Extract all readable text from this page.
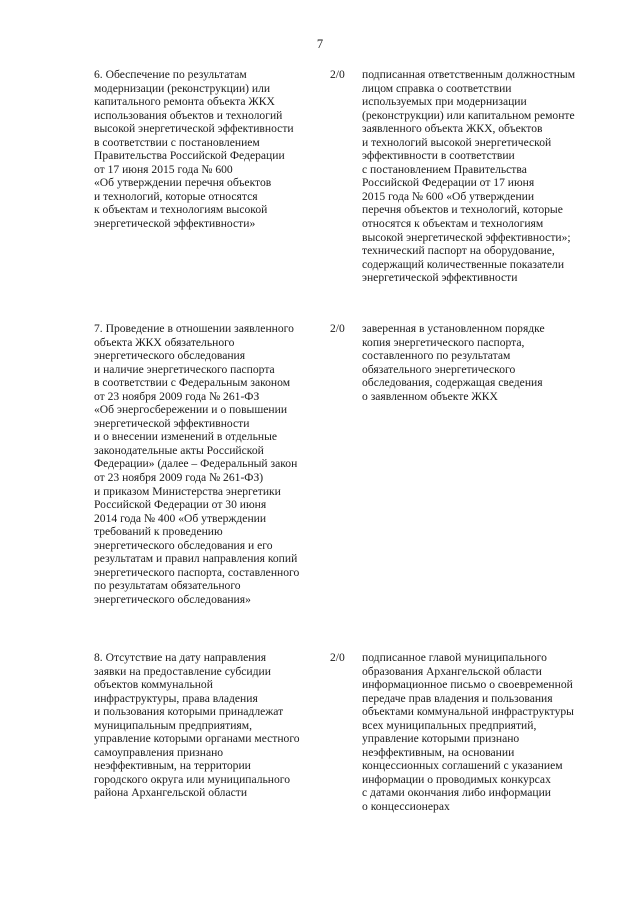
7
6. Обеспечение по результатам
модернизации (реконструкции) или
капитального ремонта объекта ЖКХ
использования объектов и технологий
высокой энергетической эффективности
в соответствии с постановлением
Правительства Российской Федерации
от 17 июня 2015 года № 600
«Об утверждении перечня объектов
и технологий, которые относятся
к объектам и технологиям высокой
энергетической эффективности»
2/0	подписанная ответственным должностным
лицом справка о соответствии
используемых при модернизации
(реконструкции) или капитальном ремонте
заявленного объекта ЖКХ, объектов
и технологий высокой энергетической
эффективности в соответствии
с постановлением Правительства
Российской Федерации от 17 июня
2015 года № 600 «Об утверждении
перечня объектов и технологий, которые
относятся к объектам и технологиям
высокой энергетической эффективности»;
технический паспорт на оборудование,
содержащий количественные показатели
энергетической эффективности
7. Проведение в отношении заявленного
объекта ЖКХ обязательного
энергетического обследования
и наличие энергетического паспорта
в соответствии с Федеральным законом
от 23 ноября 2009 года № 261-ФЗ
«Об энергосбережении и о повышении
энергетической эффективности
и о внесении изменений в отдельные
законодательные акты Российской
Федерации» (далее – Федеральный закон
от 23 ноября 2009 года № 261-ФЗ)
и приказом Министерства энергетики
Российской Федерации от 30 июня
2014 года № 400 «Об утверждении
требований к проведению
энергетического обследования и его
результатам и правил направления копий
энергетического паспорта, составленного
по результатам обязательного
энергетического обследования»
2/0	заверенная в установленном порядке
копия энергетического паспорта,
составленного по результатам
обязательного энергетического
обследования, содержащая сведения
о заявленном объекте ЖКХ
8. Отсутствие на дату направления
заявки на предоставление субсидии
объектов коммунальной
инфраструктуры, права владения
и пользования которыми принадлежат
муниципальным предприятиям,
управление которыми органами местного
самоуправления признано
неэффективным, на территории
городского округа или муниципального
района Архангельской области
2/0	подписанное главой муниципального
образования Архангельской области
информационное письмо о своевременной
передаче прав владения и пользования
объектами коммунальной инфраструктуры
всех муниципальных предприятий,
управление которыми признано
неэффективным, на основании
концессионных соглашений с указанием
информации о проводимых конкурсах
с датами окончания либо информации
о концессионерах
